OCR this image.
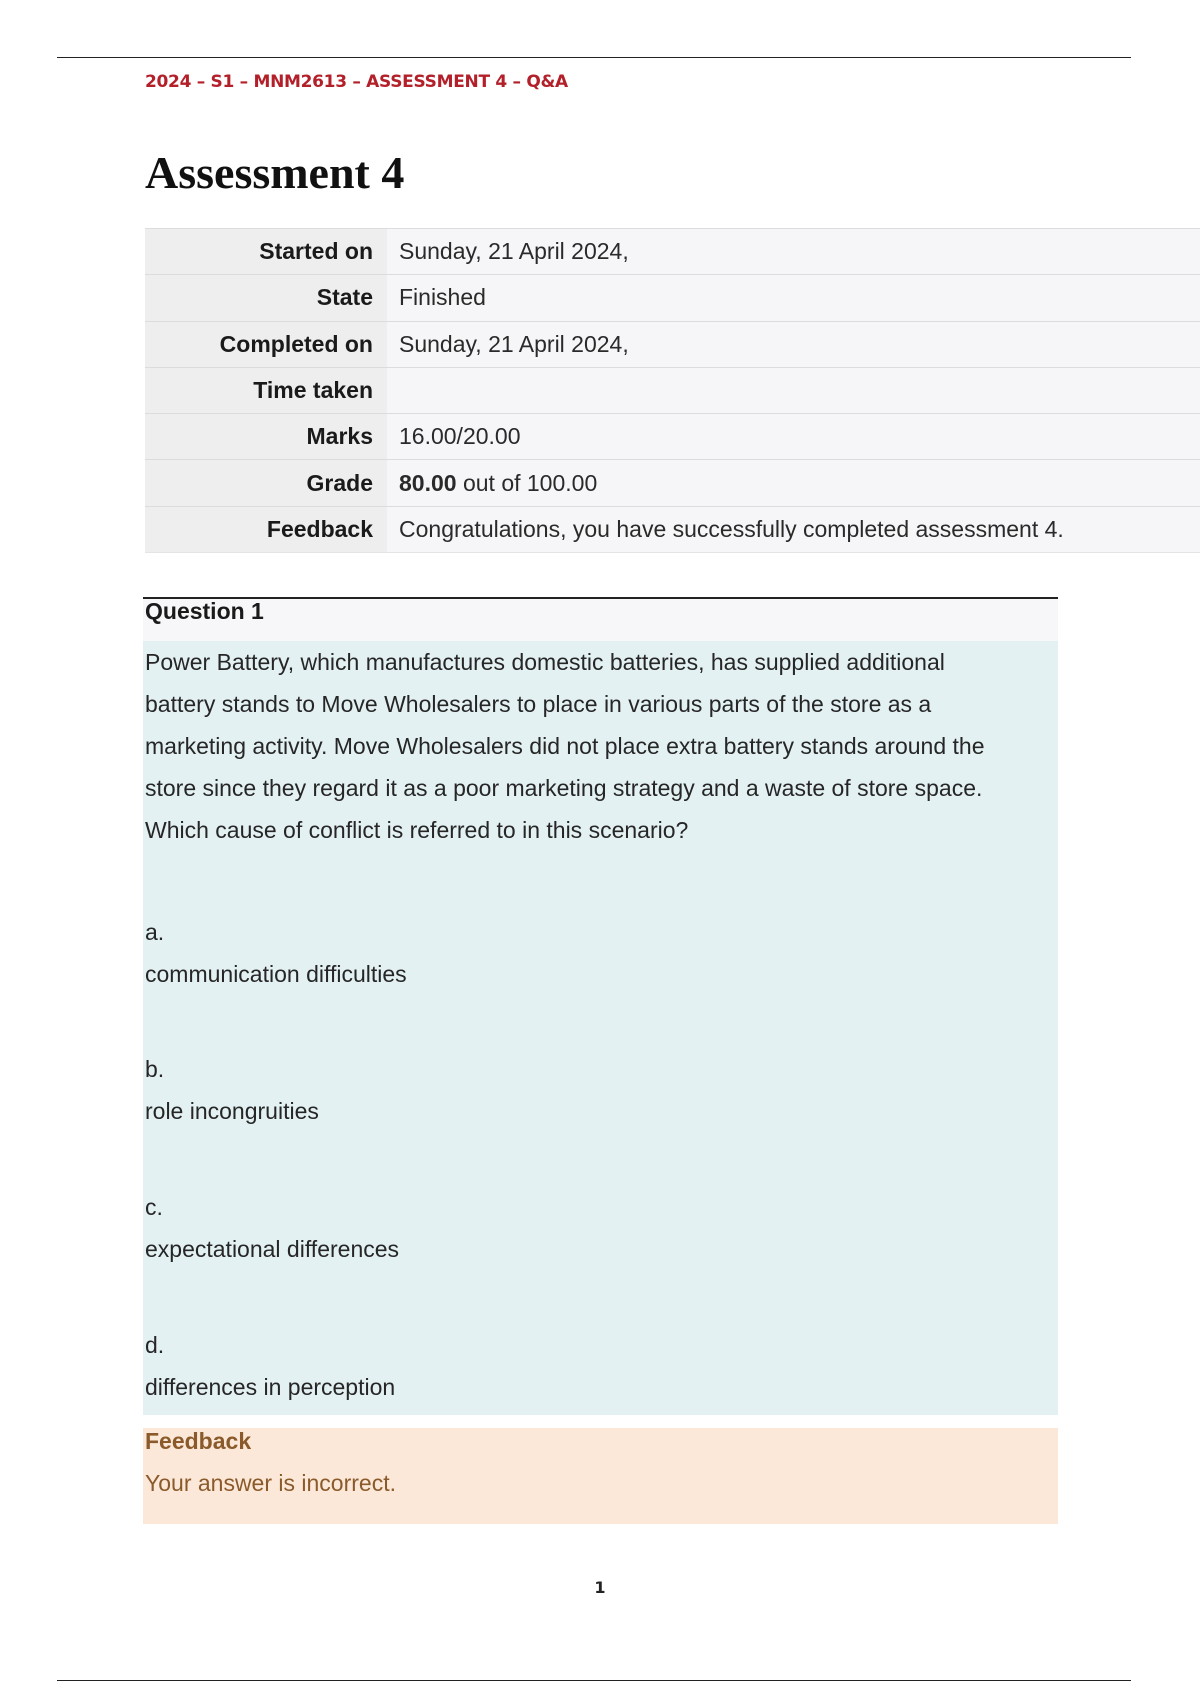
2024 – S1 – MNM2613 – ASSESSMENT 4 – Q&A
Assessment 4
Started on	Sunday, 21 April 2024,
State	Finished
Completed on	Sunday, 21 April 2024,
Time taken	
Marks	16.00/20.00
Grade	80.00 out of 100.00
Feedback	Congratulations, you have successfully completed assessment 4.
Question 1
Power Battery, which manufactures domestic batteries, has supplied additional
battery stands to Move Wholesalers to place in various parts of the store as a
marketing activity. Move Wholesalers did not place extra battery stands around the
store since they regard it as a poor marketing strategy and a waste of store space.
Which cause of conflict is referred to in this scenario?
a.
communication difficulties
b.
role incongruities
c.
expectational differences
d.
differences in perception
Feedback
Your answer is incorrect.
1
